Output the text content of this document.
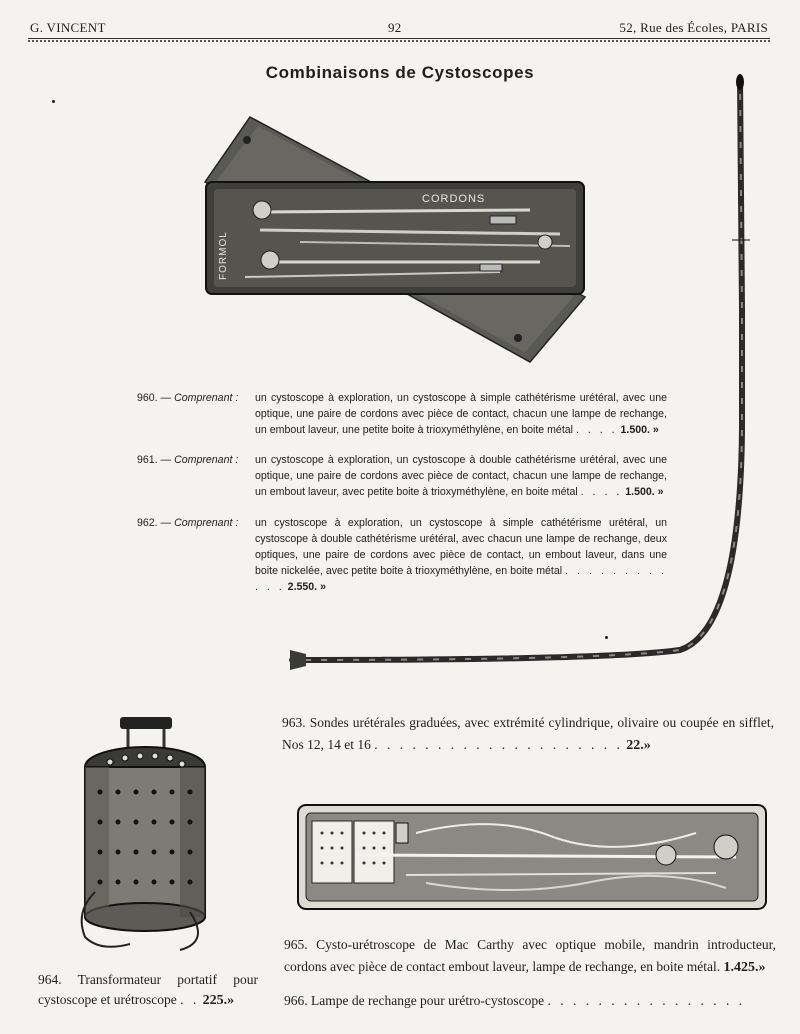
G. VINCENT	92	52, Rue des Écoles, PARIS
Combinaisons de Cystoscopes
CORDONS
FORMOL
960. — Comprenant : un cystoscope à exploration, un cystoscope à simple cathétérisme urétéral, avec une optique, une paire de cordons avec pièce de contact, chacun une lampe de rechange, un embout laveur, une petite boite à trioxyméthylène, en boite métal . . . . 1.500. »
961. — Comprenant : un cystoscope à exploration, un cystoscope à double cathétérisme urétéral, avec une optique, une paire de cordons avec pièce de contact, chacun une lampe de rechange, un embout laveur, avec petite boite à trioxyméthylène, en boite métal . . . . 1.500. »
962. — Comprenant : un cystoscope à exploration, un cystoscope à simple cathétérisme urétéral, un cystoscope à double cathétérisme urétéral, avec chacun une lampe de rechange, deux optiques, une paire de cordons avec pièce de contact, un embout laveur, dans une boite nickelée, avec petite boite à trioxyméthylène, en boite métal . . . . . . . . . . . . 2.550. »
963. Sondes urétérales graduées, avec extrémité cylindrique, olivaire ou coupée en sifflet, Nos 12, 14 et 16 . . . . . . . . . . . . . . . . . . . . 22.»
964. Transformateur portatif pour cystoscope et urétroscope . . 225.»
965. Cysto-urétroscope de Mac Carthy avec optique mobile, mandrin introducteur, cordons avec pièce de contact embout laveur, lampe de rechange, en boite métal. 1.425.»
966. Lampe de rechange pour urétro-cystoscope . . . . . . . . . . . . . . . .
